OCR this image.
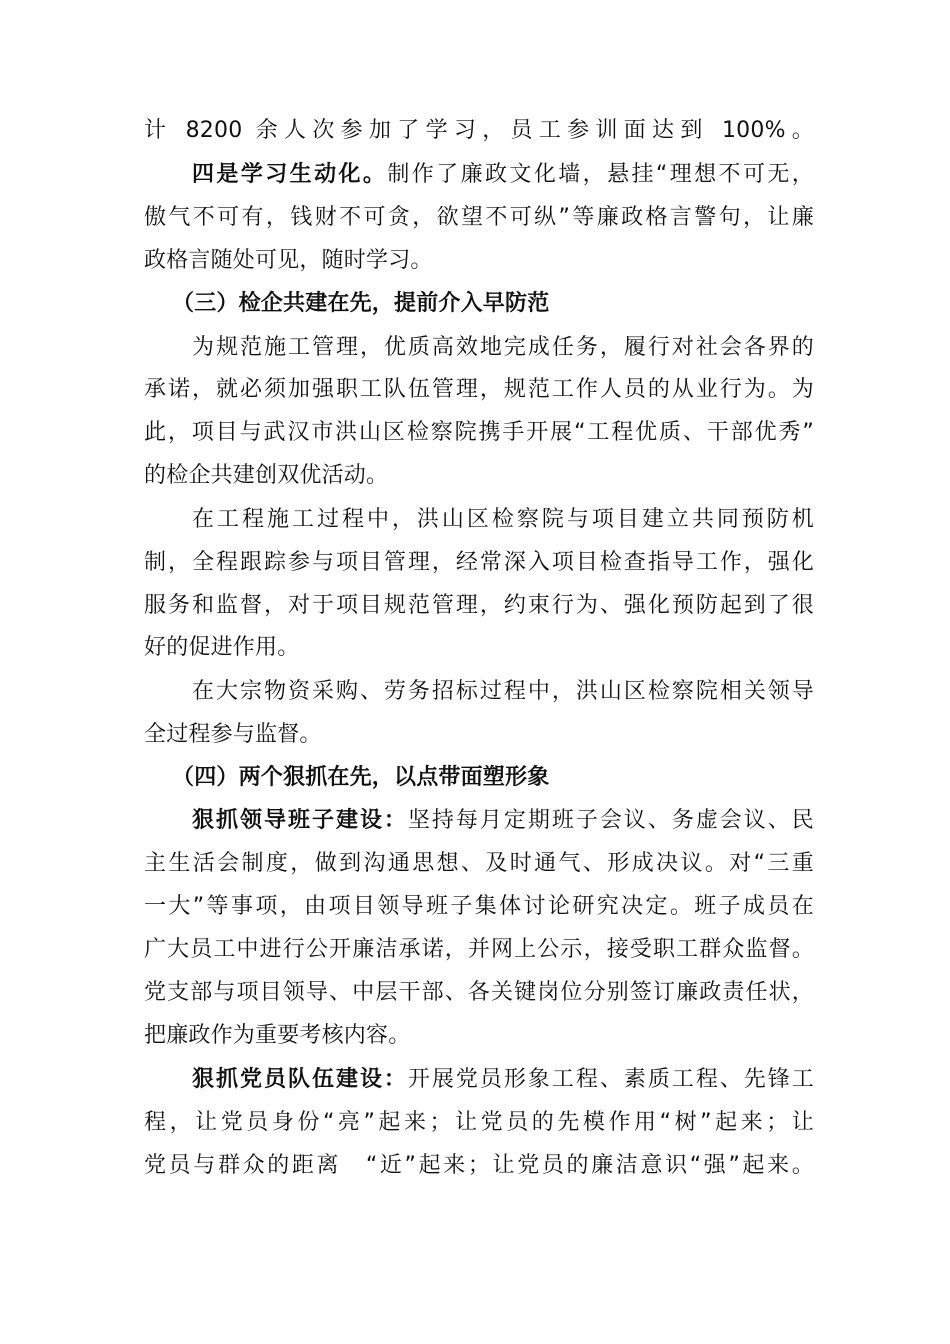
计 8200 余人次参加了学习，员工参训面达到 100%。
四是学习生动化。制作了廉政文化墙，悬挂“理想不可无，
傲气不可有，钱财不可贪，欲望不可纵”等廉政格言警句，让廉
政格言随处可见，随时学习。
（三）检企共建在先，提前介入早防范
为规范施工管理，优质高效地完成任务，履行对社会各界的
承诺，就必须加强职工队伍管理，规范工作人员的从业行为。为
此，项目与武汉市洪山区检察院携手开展“工程优质、干部优秀”
的检企共建创双优活动。
在工程施工过程中，洪山区检察院与项目建立共同预防机
制，全程跟踪参与项目管理，经常深入项目检查指导工作，强化
服务和监督，对于项目规范管理，约束行为、强化预防起到了很
好的促进作用。
在大宗物资采购、劳务招标过程中，洪山区检察院相关领导
全过程参与监督。
（四）两个狠抓在先，以点带面塑形象
狠抓领导班子建设：坚持每月定期班子会议、务虚会议、民
主生活会制度，做到沟通思想、及时通气、形成决议。对“三重
一大”等事项，由项目领导班子集体讨论研究决定。班子成员在
广大员工中进行公开廉洁承诺，并网上公示，接受职工群众监督。
党支部与项目领导、中层干部、各关键岗位分别签订廉政责任状，
把廉政作为重要考核内容。
狠抓党员队伍建设：开展党员形象工程、素质工程、先锋工
程，让党员身份“亮”起来；让党员的先模作用“树”起来；让
党员与群众的距离　“近”起来；让党员的廉洁意识“强”起来。
